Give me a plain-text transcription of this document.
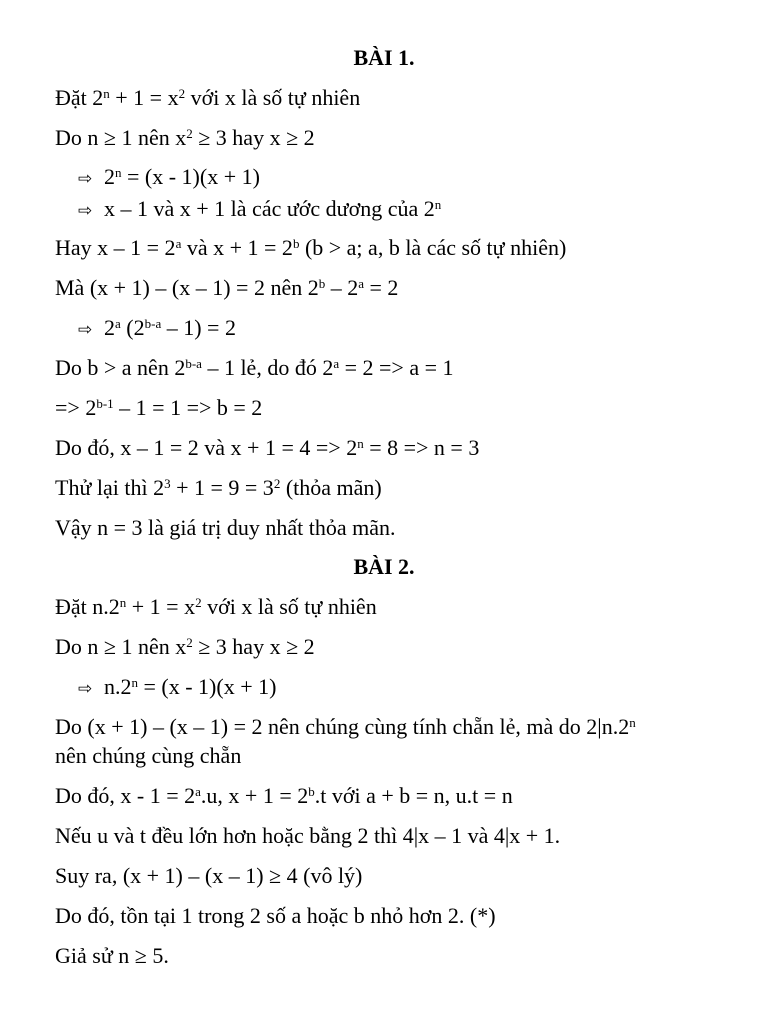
BÀI 1.
Đặt $2^n + 1 = x^2$ với x là số tự nhiên
Do n ≥ 1 nên $x^2 \ge 3$ hay x ≥ 2
⇨ $2^n = (x - 1)(x + 1)$
⇨ x – 1 và x + 1 là các ước dương của 2$^n$
Hay $x - 1 = 2^a$ và $x + 1 = 2^b$ (b > a; a, b là các số tự nhiên)
Mà (x + 1) – (x – 1) = 2 nên $2^b - 2^a = 2$
⇨ 2$^a$ (2$^{b-a}$ – 1) = 2
Do b > a nên 2$^{b-a}$ – 1 lẻ, do đó $2^a = 2 => a = 1$
=> $2^{b-1} - 1 = 1 => b = 2$
Do đó, x – 1 = 2 và $x + 1 = 4 => 2^n = 8 => n = 3$
Thử lại thì $2^3 + 1 = 9 = 3^2$ (thỏa mãn)
Vậy n = 3 là giá trị duy nhất thỏa mãn.
BÀI 2.
Đặt $n.2^n + 1 = x^2$ với x là số tự nhiên
Do n ≥ 1 nên $x^2 \ge 3$ hay x ≥ 2
⇨ $n.2^n = (x - 1)(x + 1)$
Do (x + 1) – (x – 1) = 2 nên chúng cùng tính chẵn lẻ, mà do 2|n.2$^n$
nên chúng cùng chẵn
Do đó, $x - 1 = 2^a.u$, $x + 1 = 2^b.t$ với a + b = n, u.t = n
Nếu u và t đều lớn hơn hoặc bằng 2 thì 4|x – 1 và 4|x + 1.
Suy ra, (x + 1) – (x – 1) ≥ 4 (vô lý)
Do đó, tồn tại 1 trong 2 số a hoặc b nhỏ hơn 2. (*)
Giả sử n ≥ 5.
